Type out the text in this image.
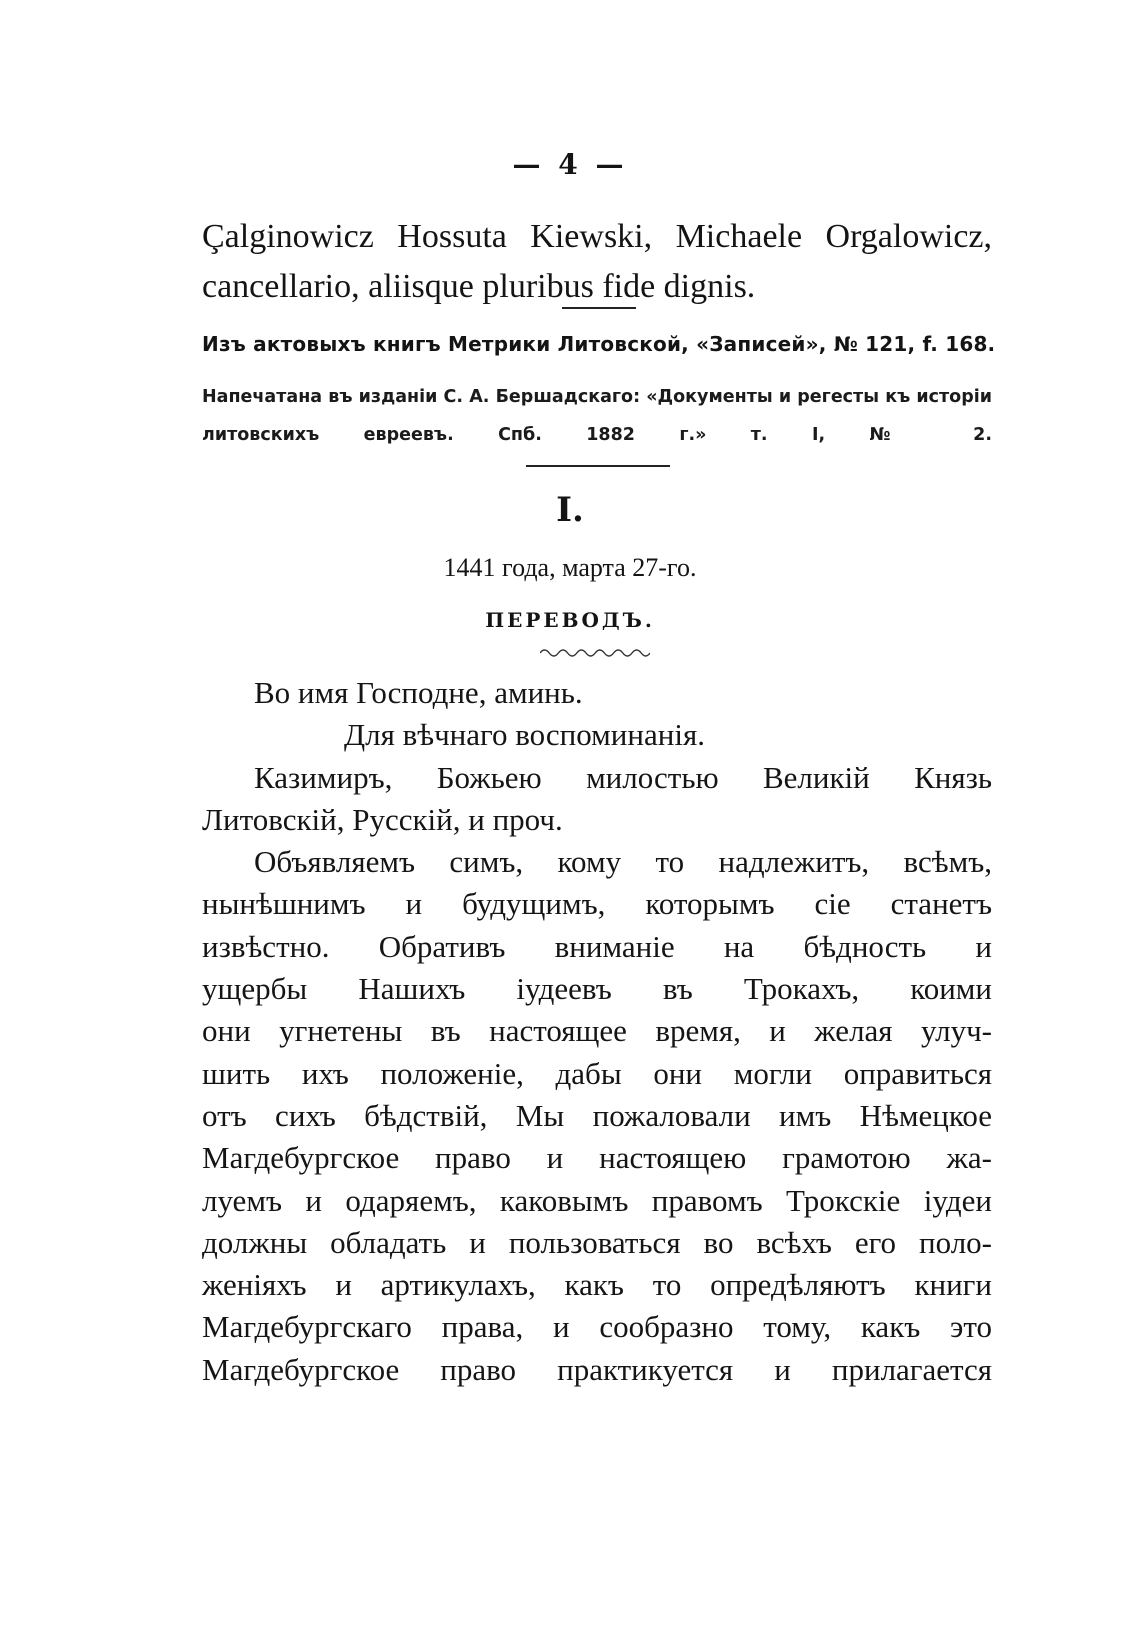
— 4 —
Çalginowicz Hossuta Kiewski, Michaele Orgalowicz, cancellario, aliisque pluribus fide dignis.
Изъ актовыхъ книгъ Метрики Литовской, «Записей», № 121, f. 168.
Напечатана въ изданіи С. А. Бершадскаго: «Документы и регесты къ исторіи литовскихъ евреевъ. Спб. 1882 г.» т. I, № 2.
I.
1441 года, марта 27-го.
ПЕРЕВОДЪ.
Во имя Господне, аминь.
Для вѣчнаго воспоминанія.
Казимиръ, Божьею милостью Великій Князь
Литовскій, Русскій, и проч.
Объявляемъ симъ, кому то надлежитъ, всѣмъ,
нынѣшнимъ и будущимъ, которымъ сіе станетъ
извѣстно. Обративъ вниманіе на бѣдность и
ущербы Нашихъ іудеевъ въ Трокахъ, коими
они угнетены въ настоящее время, и желая улуч-
шить ихъ положеніе, дабы они могли оправиться
отъ сихъ бѣдствій, Мы пожаловали имъ Нѣмецкое
Магдебургское право и настоящею грамотою жа-
луемъ и одаряемъ, каковымъ правомъ Трокскіе іудеи
должны обладать и пользоваться во всѣхъ его поло-
женіяхъ и артикулахъ, какъ то опредѣляютъ книги
Магдебургскаго права, и сообразно тому, какъ это
Магдебургское право практикуется и прилагается
